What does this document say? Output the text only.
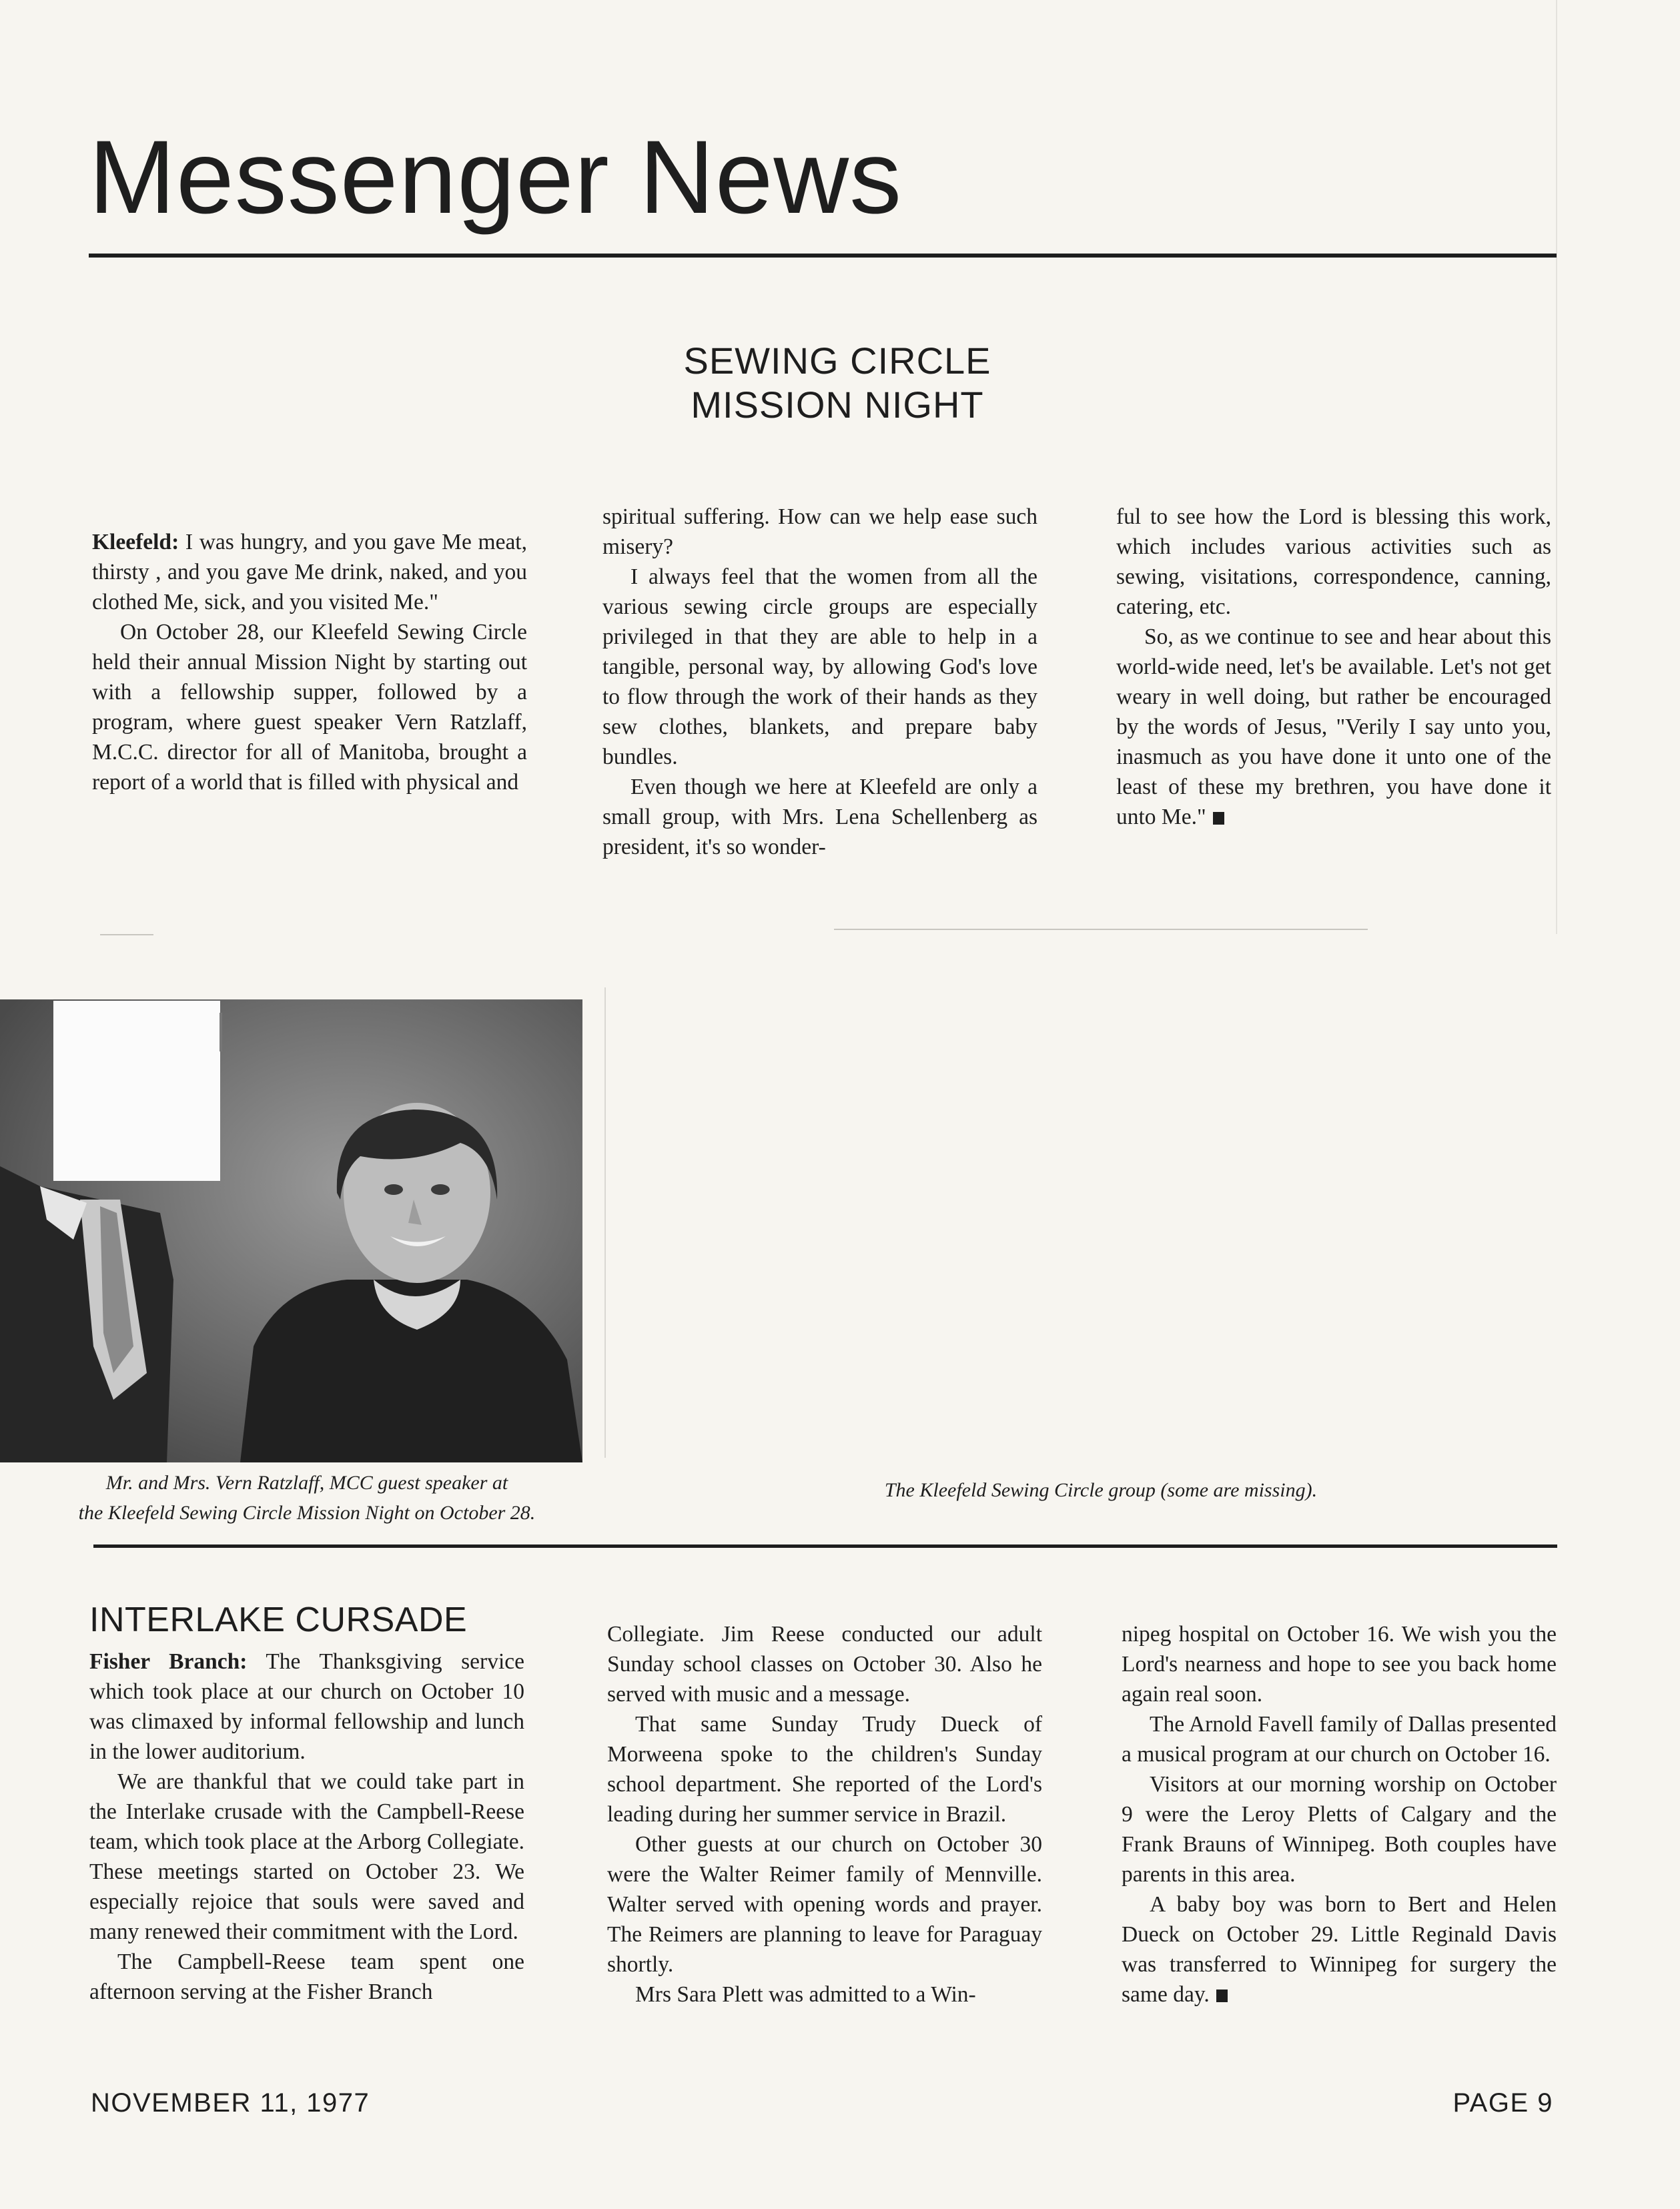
Messenger News
SEWING CIRCLE
MISSION NIGHT

Kleefeld: I was hungry, and you gave Me meat, thirsty , and you gave Me drink, naked, and you clothed Me, sick, and you visited Me."

On October 28, our Kleefeld Sewing Circle held their annual Mission Night by starting out with a fellowship supper, followed by a program, where guest speaker Vern Ratzlaff, M.C.C. director for all of Manitoba, brought a report of a world that is filled with physical and

spiritual suffering. How can we help ease such misery?

I always feel that the women from all the various sewing circle groups are especially privileged in that they are able to help in a tangible, personal way, by allowing God's love to flow through the work of their hands as they sew clothes, blankets, and prepare baby bundles.

Even though we here at Kleefeld are only a small group, with Mrs. Lena Schellenberg as president, it's so wonder-

ful to see how the Lord is blessing this work, which includes various activities such as sewing, visitations, correspondence, canning, catering, etc.

So, as we continue to see and hear about this world-wide need, let's be available. Let's not get weary in well doing, but rather be encouraged by the words of Jesus, "Verily I say unto you, inasmuch as you have done it unto one of the least of these my brethren, you have done it unto Me."

Mr. and Mrs. Vern Ratzlaff, MCC guest speaker at
the Kleefeld Sewing Circle Mission Night on October 28.
The Kleefeld Sewing Circle group (some are missing).
INTERLAKE CURSADE

Fisher Branch: The Thanksgiving service which took place at our church on October 10 was climaxed by informal fellowship and lunch in the lower auditorium.

We are thankful that we could take part in the Interlake crusade with the Campbell-Reese team, which took place at the Arborg Collegiate. These meetings started on October 23. We especially rejoice that souls were saved and many renewed their commitment with the Lord.

The Campbell-Reese team spent one afternoon serving at the Fisher Branch

Collegiate. Jim Reese conducted our adult Sunday school classes on October 30. Also he served with music and a message.

That same Sunday Trudy Dueck of Morweena spoke to the children's Sunday school department. She reported of the Lord's leading during her summer service in Brazil.

Other guests at our church on October 30 were the Walter Reimer family of Mennville. Walter served with opening words and prayer. The Reimers are planning to leave for Paraguay shortly.

Mrs Sara Plett was admitted to a Win-

nipeg hospital on October 16. We wish you the Lord's nearness and hope to see you back home again real soon.

The Arnold Favell family of Dallas presented a musical program at our church on October 16.

Visitors at our morning worship on October 9 were the Leroy Pletts of Calgary and the Frank Brauns of Winnipeg. Both couples have parents in this area.

A baby boy was born to Bert and Helen Dueck on October 29. Little Reginald Davis was transferred to Winnipeg for surgery the same day.

NOVEMBER 11, 1977	PAGE 9
